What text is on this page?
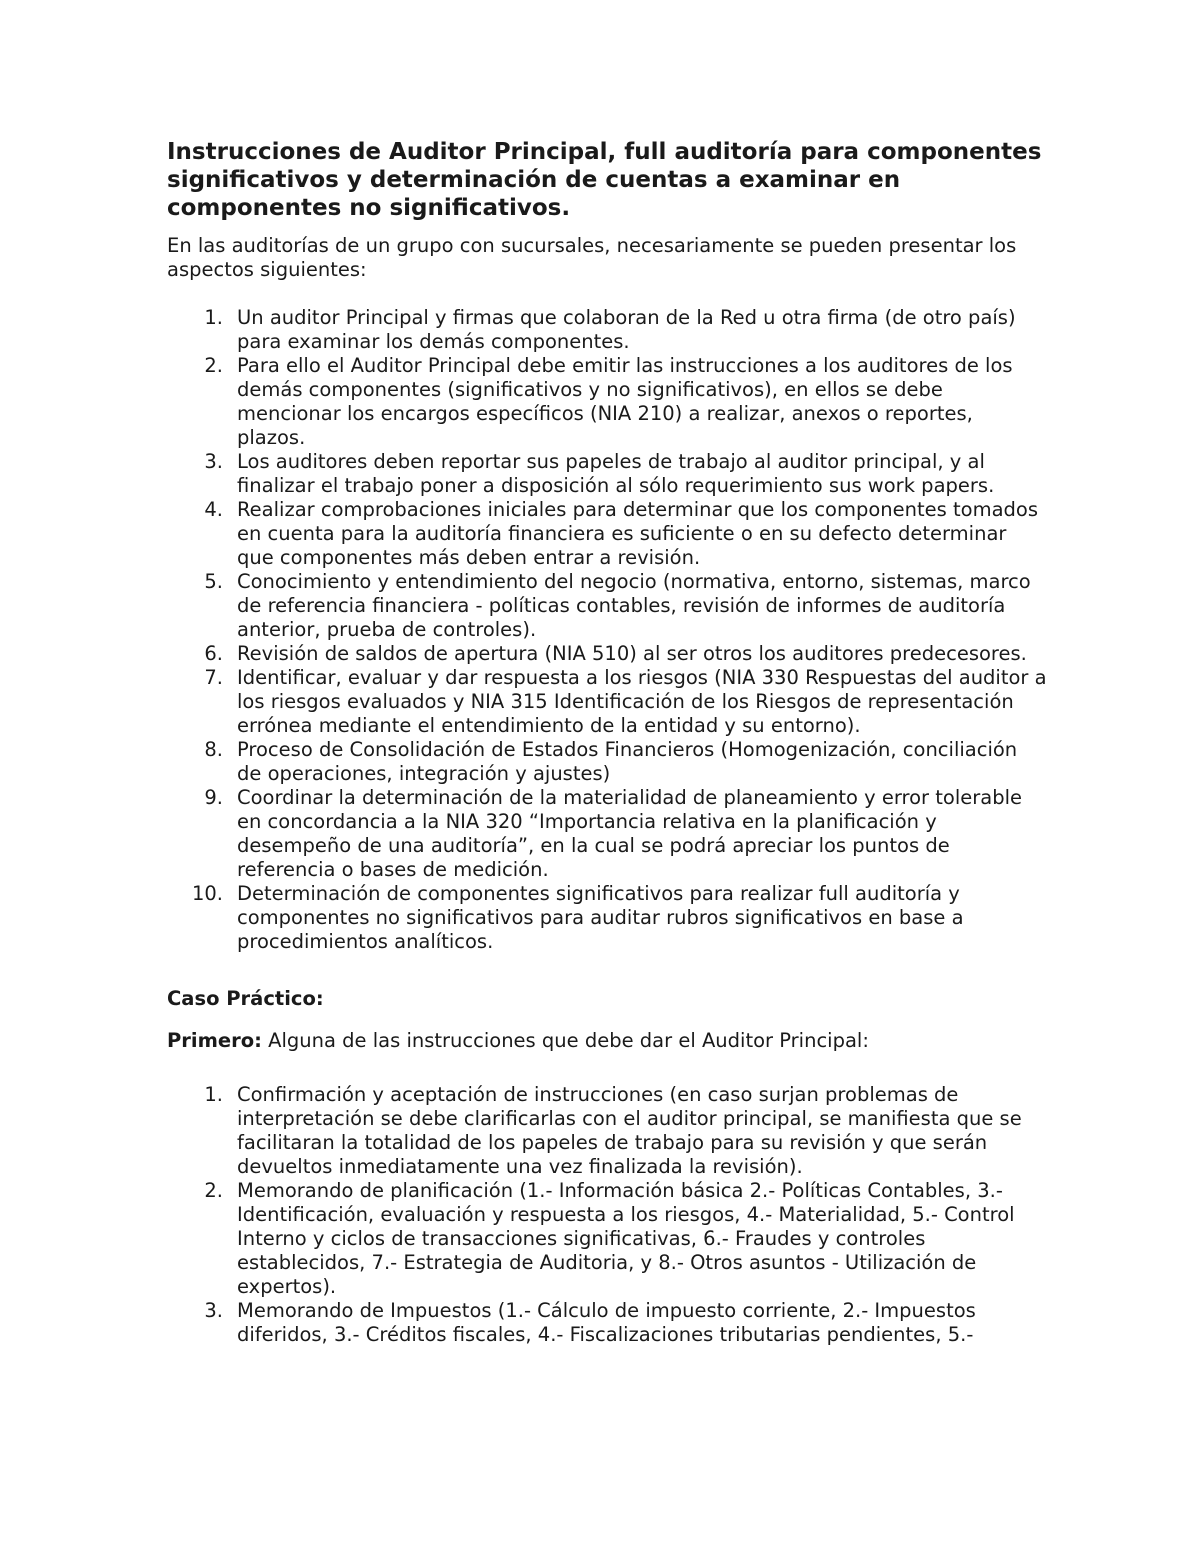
Instrucciones de Auditor Principal, full auditoría para componentes significativos y determinación de cuentas a examinar en componentes no significativos.

En las auditorías de un grupo con sucursales, necesariamente se pueden presentar los aspectos siguientes:

1. Un auditor Principal y firmas que colaboran de la Red u otra firma (de otro país) para examinar los demás componentes.
2. Para ello el Auditor Principal debe emitir las instrucciones a los auditores de los demás componentes (significativos y no significativos), en ellos se debe mencionar los encargos específicos (NIA 210) a realizar, anexos o reportes, plazos.
3. Los auditores deben reportar sus papeles de trabajo al auditor principal, y al finalizar el trabajo poner a disposición al sólo requerimiento sus work papers.
4. Realizar comprobaciones iniciales para determinar que los componentes tomados en cuenta para la auditoría financiera es suficiente o en su defecto determinar que componentes más deben entrar a revisión.
5. Conocimiento y entendimiento del negocio (normativa, entorno, sistemas, marco de referencia financiera - políticas contables, revisión de informes de auditoría anterior, prueba de controles).
6. Revisión de saldos de apertura (NIA 510) al ser otros los auditores predecesores.
7. Identificar, evaluar y dar respuesta a los riesgos (NIA 330 Respuestas del auditor a los riesgos evaluados y NIA 315 Identificación de los Riesgos de representación errónea mediante el entendimiento de la entidad y su entorno).
8. Proceso de Consolidación de Estados Financieros (Homogenización, conciliación de operaciones, integración y ajustes)
9. Coordinar la determinación de la materialidad de planeamiento y error tolerable en concordancia a la NIA 320 “Importancia relativa en la planificación y desempeño de una auditoría”, en la cual se podrá apreciar los puntos de referencia o bases de medición.
10. Determinación de componentes significativos para realizar full auditoría y componentes no significativos para auditar rubros significativos en base a procedimientos analíticos.

Caso Práctico:

Primero: Alguna de las instrucciones que debe dar el Auditor Principal:

1. Confirmación y aceptación de instrucciones (en caso surjan problemas de interpretación se debe clarificarlas con el auditor principal, se manifiesta que se facilitaran la totalidad de los papeles de trabajo para su revisión y que serán devueltos inmediatamente una vez finalizada la revisión).
2. Memorando de planificación (1.- Información básica 2.- Políticas Contables, 3.- Identificación, evaluación y respuesta a los riesgos, 4.- Materialidad, 5.- Control Interno y ciclos de transacciones significativas, 6.- Fraudes y controles establecidos, 7.- Estrategia de Auditoria, y 8.- Otros asuntos - Utilización de expertos).
3. Memorando de Impuestos (1.- Cálculo de impuesto corriente, 2.- Impuestos diferidos, 3.- Créditos fiscales, 4.- Fiscalizaciones tributarias pendientes, 5.-
